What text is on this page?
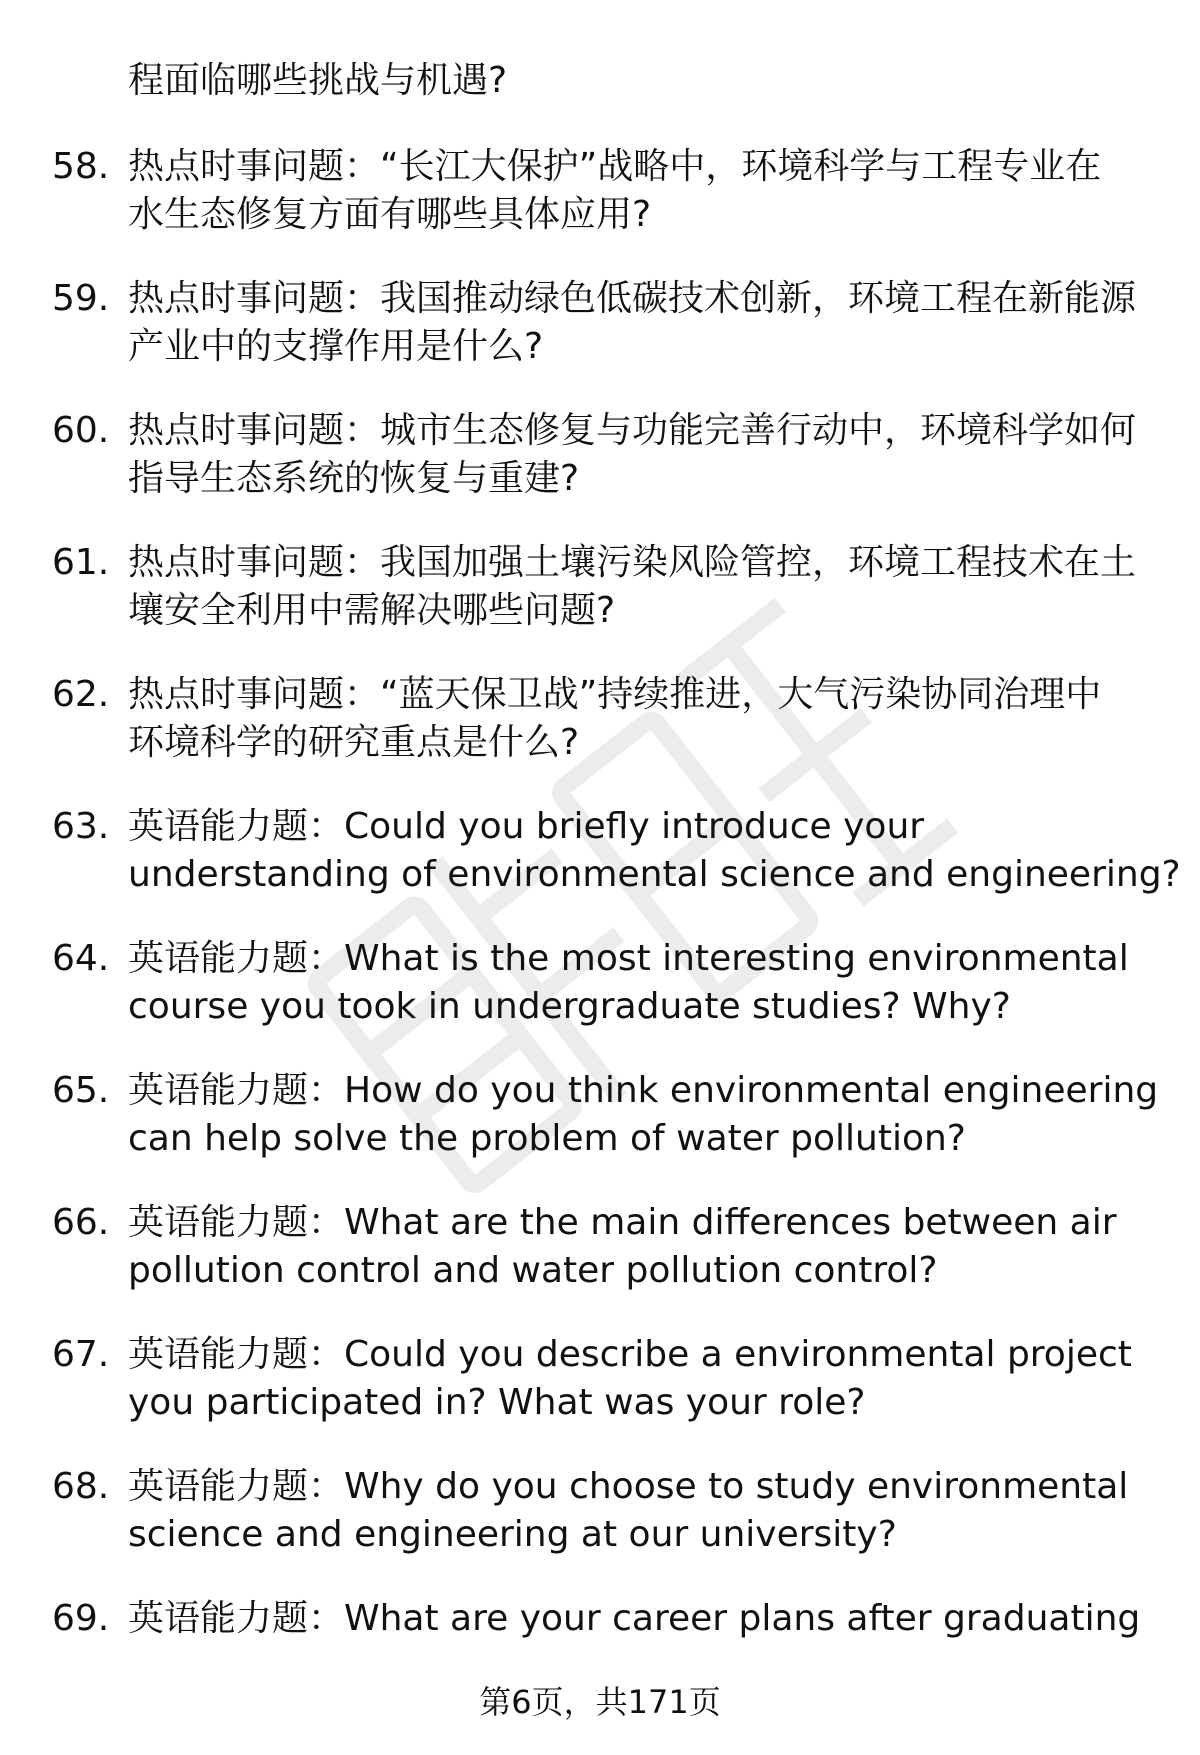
程面临哪些挑战与机遇?
58. 热点时事问题：“长江大保护”战略中，环境科学与工程专业在
水生态修复方面有哪些具体应用?
59. 热点时事问题：我国推动绿色低碳技术创新，环境工程在新能源
产业中的支撑作用是什么?
60. 热点时事问题：城市生态修复与功能完善行动中，环境科学如何
指导生态系统的恢复与重建?
61. 热点时事问题：我国加强土壤污染风险管控，环境工程技术在土
壤安全利用中需解决哪些问题?
62. 热点时事问题：“蓝天保卫战”持续推进，大气污染协同治理中
环境科学的研究重点是什么?
63. 英语能力题：Could you briefly introduce your
understanding of environmental science and engineering?
64. 英语能力题：What is the most interesting environmental
course you took in undergraduate studies? Why?
65. 英语能力题：How do you think environmental engineering
can help solve the problem of water pollution?
66. 英语能力题：What are the main differences between air
pollution control and water pollution control?
67. 英语能力题：Could you describe a environmental project
you participated in? What was your role?
68. 英语能力题：Why do you choose to study environmental
science and engineering at our university?
69. 英语能力题：What are your career plans after graduating
第6页，共171页
